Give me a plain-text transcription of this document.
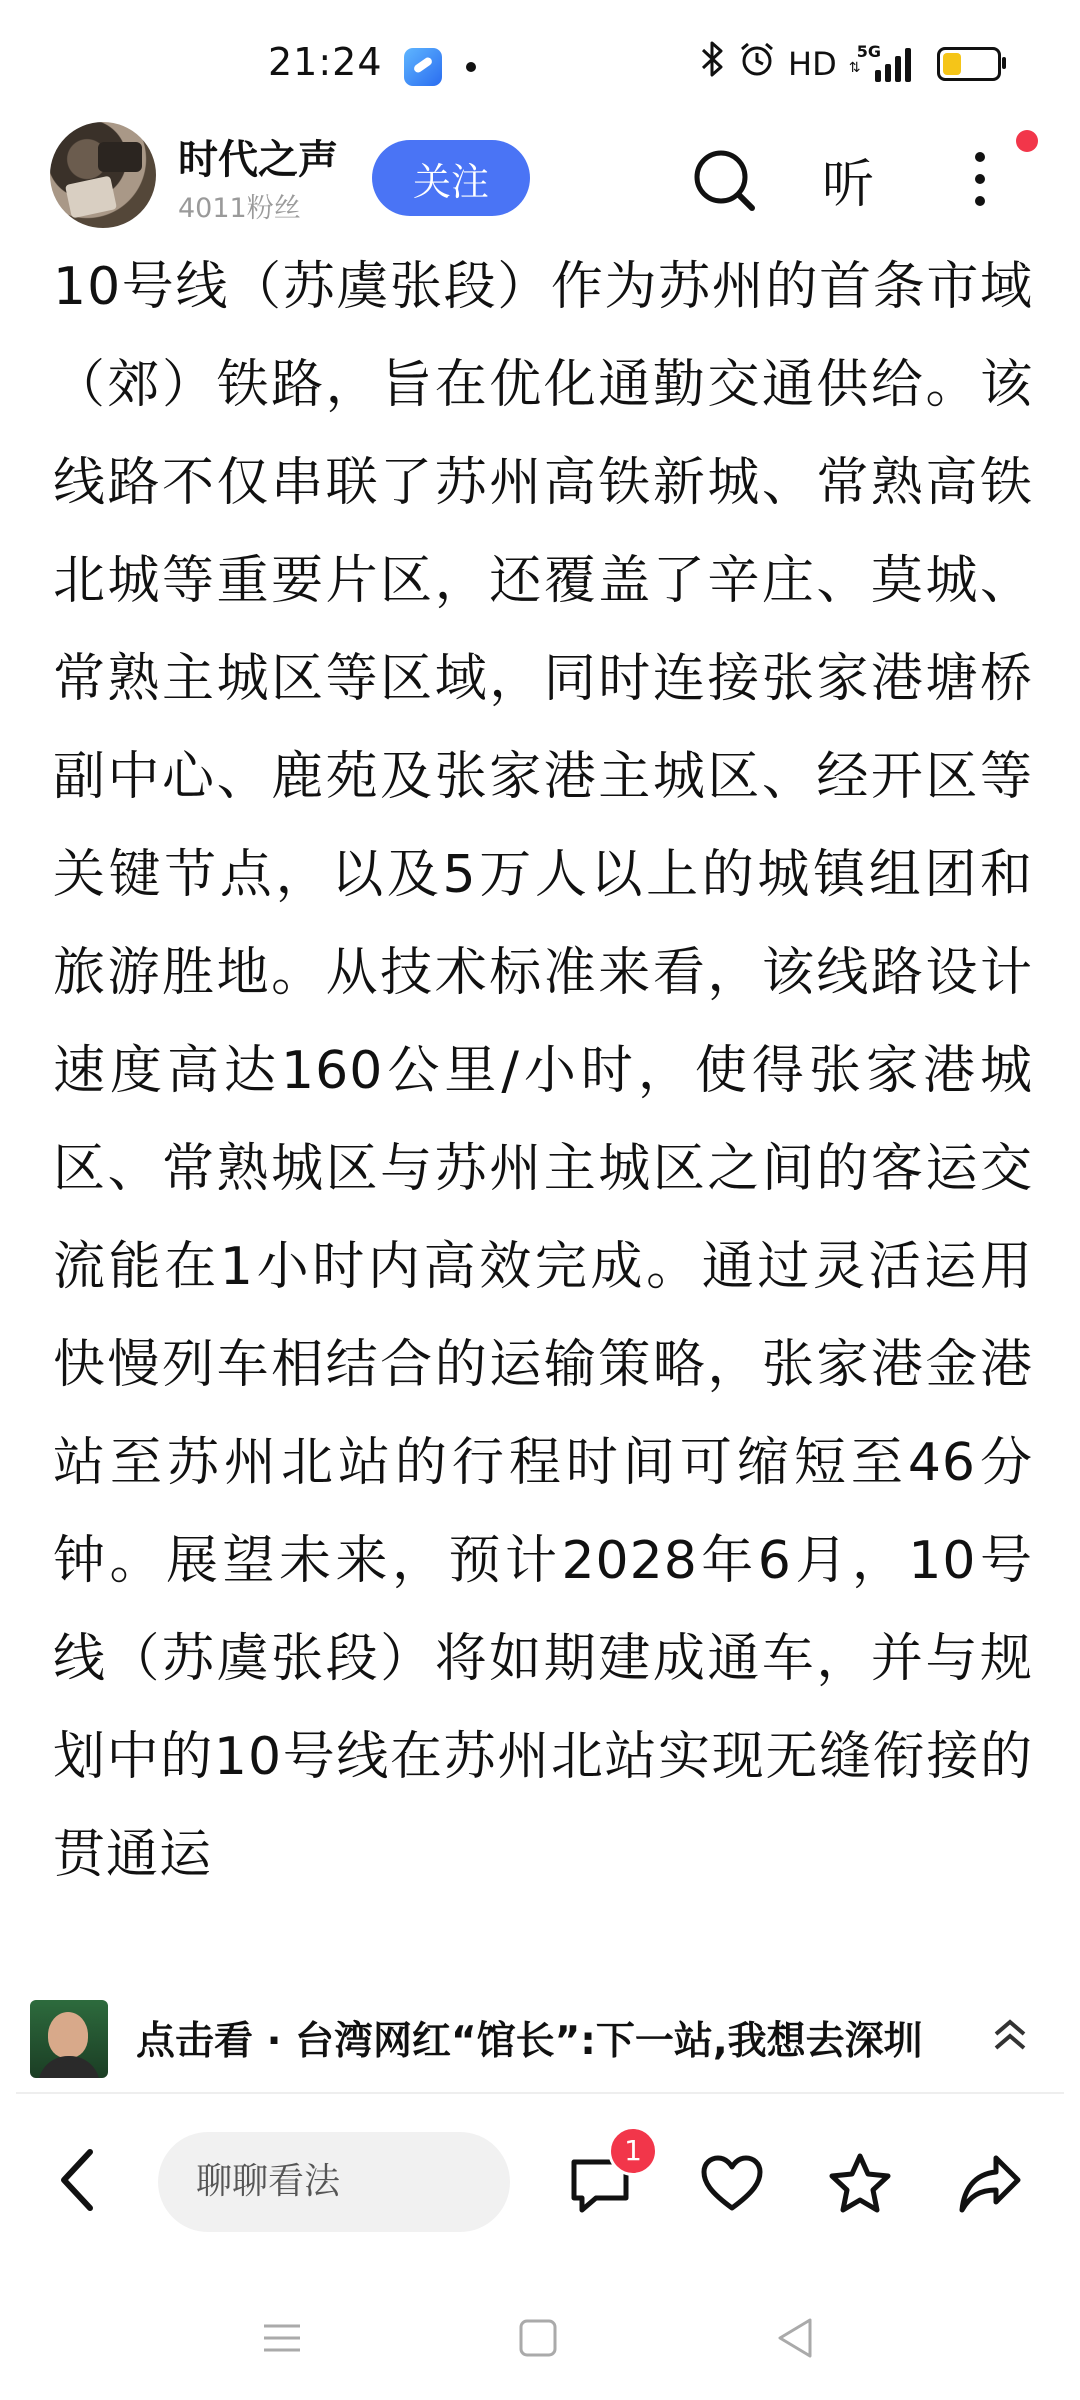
21:24	HD 5G
⇅
时代之声
4011粉丝
关注	听
10号线（苏虞张段）作为苏州的首条市域（郊）铁路，旨在优化通勤交通供给。该线路不仅串联了苏州高铁新城、常熟高铁北城等重要片区，还覆盖了辛庄、莫城、常熟主城区等区域，同时连接张家港塘桥副中心、鹿苑及张家港主城区、经开区等关键节点，以及5万人以上的城镇组团和旅游胜地。从技术标准来看，该线路设计速度高达160公里/小时，使得张家港城区、常熟城区与苏州主城区之间的客运交流能在1小时内高效完成。通过灵活运用快慢列车相结合的运输策略，张家港金港站至苏州北站的行程时间可缩短至46分钟。展望未来，预计2028年6月，10号线（苏虞张段）将如期建成通车，并与规划中的10号线在苏州北站实现无缝衔接的贯通运
点击看 · 台湾网红“馆长”:下一站,我想去深圳
聊聊看法
1
